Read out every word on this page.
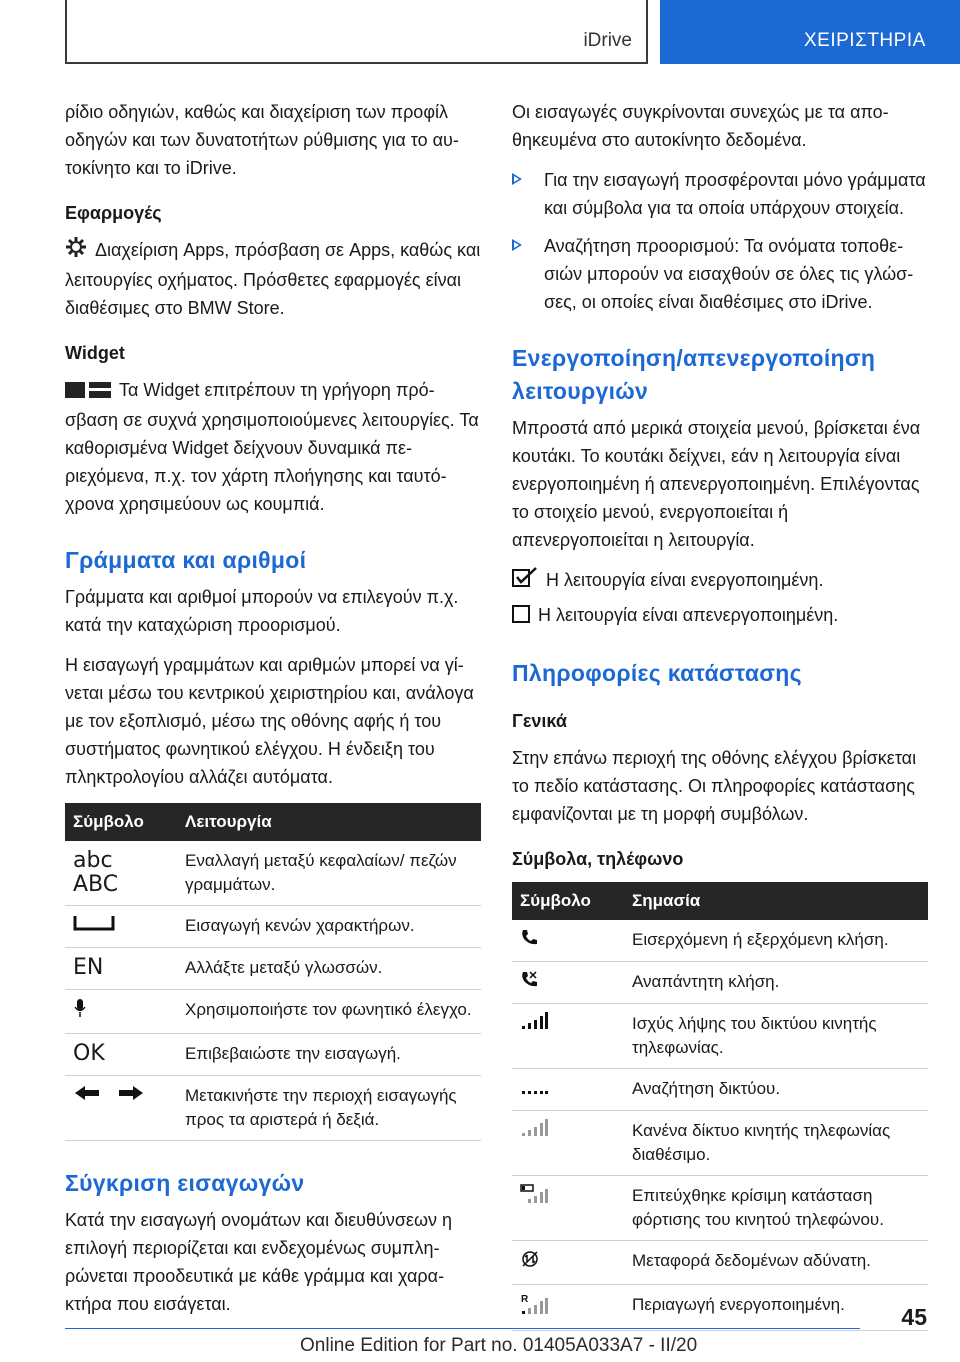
iDrive	ΧΕΙΡΙΣΤΗΡΙΑ

ρίδιο οδηγιών, καθώς και διαχείριση των προφίλ οδηγών και των δυνατοτήτων ρύθμισης για το αυτοκίνητο και το iDrive.

Εφαρμογές

Διαχείριση Apps, πρόσβαση σε Apps, καθώς και λειτουργίες οχήματος. Πρόσθετες εφαρμογές είναι διαθέσιμες στο BMW Store.

Widget

Τα Widget επιτρέπουν τη γρήγορη πρόσβαση σε συχνά χρησιμοποιούμενες λειτουργίες. Τα καθορισμένα Widget δείχνουν δυναμικά περιεχόμενα, π.χ. τον χάρτη πλοήγησης και ταυτόχρονα χρησιμεύουν ως κουμπιά.

Γράμματα και αριθμοί

Γράμματα και αριθμοί μπορούν να επιλεγούν π.χ. κατά την καταχώριση προορισμού.

Η εισαγωγή γραμμάτων και αριθμών μπορεί να γίνεται μέσω του κεντρικού χειριστηρίου και, ανάλογα με τον εξοπλισμό, μέσω της οθόνης αφής ή του συστήματος φωνητικού ελέγχου. Η ένδειξη του πληκτρολογίου αλλάζει αυτόματα.

Σύμβολο	Λειτουργία

abc
ABC	Εναλλαγή μεταξύ κεφαλαίων/ πεζών γραμμάτων.
	Εισαγωγή κενών χαρακτήρων.
EN	Αλλάξτε μεταξύ γλωσσών.
	Χρησιμοποιήστε τον φωνητικό έλεγχο.
OK	Επιβεβαιώστε την εισαγωγή.
	Μετακινήστε την περιοχή εισαγωγής προς τα αριστερά ή δεξιά.
Σύγκριση εισαγωγών

Κατά την εισαγωγή ονομάτων και διευθύνσεων η επιλογή περιορίζεται και ενδεχομένως συμπληρώνεται προοδευτικά με κάθε γράμμα και χαρακτήρα που εισάγεται.

Οι εισαγωγές συγκρίνονται συνεχώς με τα αποθηκευμένα στο αυτοκίνητο δεδομένα.

Για την εισαγωγή προσφέρονται μόνο γράμματα και σύμβολα για τα οποία υπάρχουν στοιχεία.
Αναζήτηση προορισμού: Τα ονόματα τοποθεσιών μπορούν να εισαχθούν σε όλες τις γλώσσες, οι οποίες είναι διαθέσιμες στο iDrive.
Ενεργοποίηση/απενεργοποίηση λειτουργιών

Μπροστά από μερικά στοιχεία μενού, βρίσκεται ένα κουτάκι. Το κουτάκι δείχνει, εάν η λειτουργία είναι ενεργοποιημένη ή απενεργοποιημένη. Επιλέγοντας το στοιχείο μενού, ενεργοποιείται ή απενεργοποιείται η λειτουργία.

Η λειτουργία είναι ενεργοποιημένη.
Η λειτουργία είναι απενεργοποιημένη.
Πληροφορίες κατάστασης
Γενικά

Στην επάνω περιοχή της οθόνης ελέγχου βρίσκεται το πεδίο κατάστασης. Οι πληροφορίες κατάστασης εμφανίζονται με τη μορφή συμβόλων.

Σύμβολα, τηλέφωνο
Σύμβολο	Σημασία
	Εισερχόμενη ή εξερχόμενη κλήση.
	Αναπάντητη κλήση.
	Ισχύς λήψης του δικτύου κινητής τηλεφωνίας.
	Αναζήτηση δικτύου.
	Κανένα δίκτυο κινητής τηλεφωνίας διαθέσιμο.
	Επιτεύχθηκε κρίσιμη κατάσταση φόρτισης του κινητού τηλεφώνου.
	Μεταφορά δεδομένων αδύνατη.

R	Περιαγωγή ενεργοποιημένη. 45
Online Edition for Part no. 01405A033A7 - II/20
